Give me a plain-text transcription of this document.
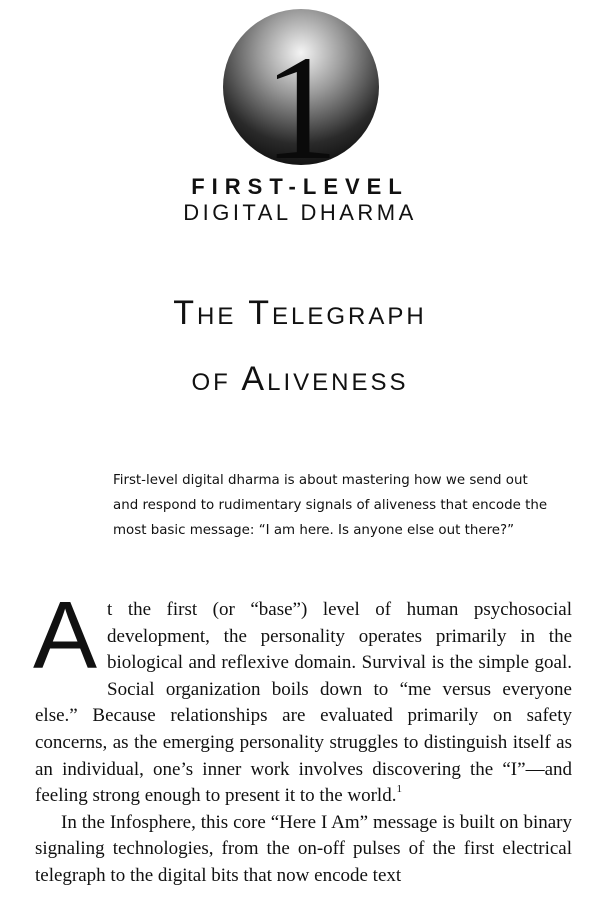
1
FIRST-LEVEL
DIGITAL DHARMA
The Telegraph
of Aliveness

First-level digital dharma is about mastering how we send out and respond to rudimentary signals of aliveness that encode the most basic message: “I am here. Is anyone else out there?”

At the first (or “base”) level of human psychosocial development, the personality operates primarily in the biological and reflexive domain. Survival is the simple goal. Social organization boils down to “me versus everyone else.” Because relationships are evaluated primarily on safety concerns, as the emerging personality struggles to distinguish itself as an individual, one’s inner work involves discovering the “I”—and feeling strong enough to present it to the world.$^1$

In the Infosphere, this core “Here I Am” message is built on binary signaling technologies, from the on-off pulses of the first electrical telegraph to the digital bits that now encode text
